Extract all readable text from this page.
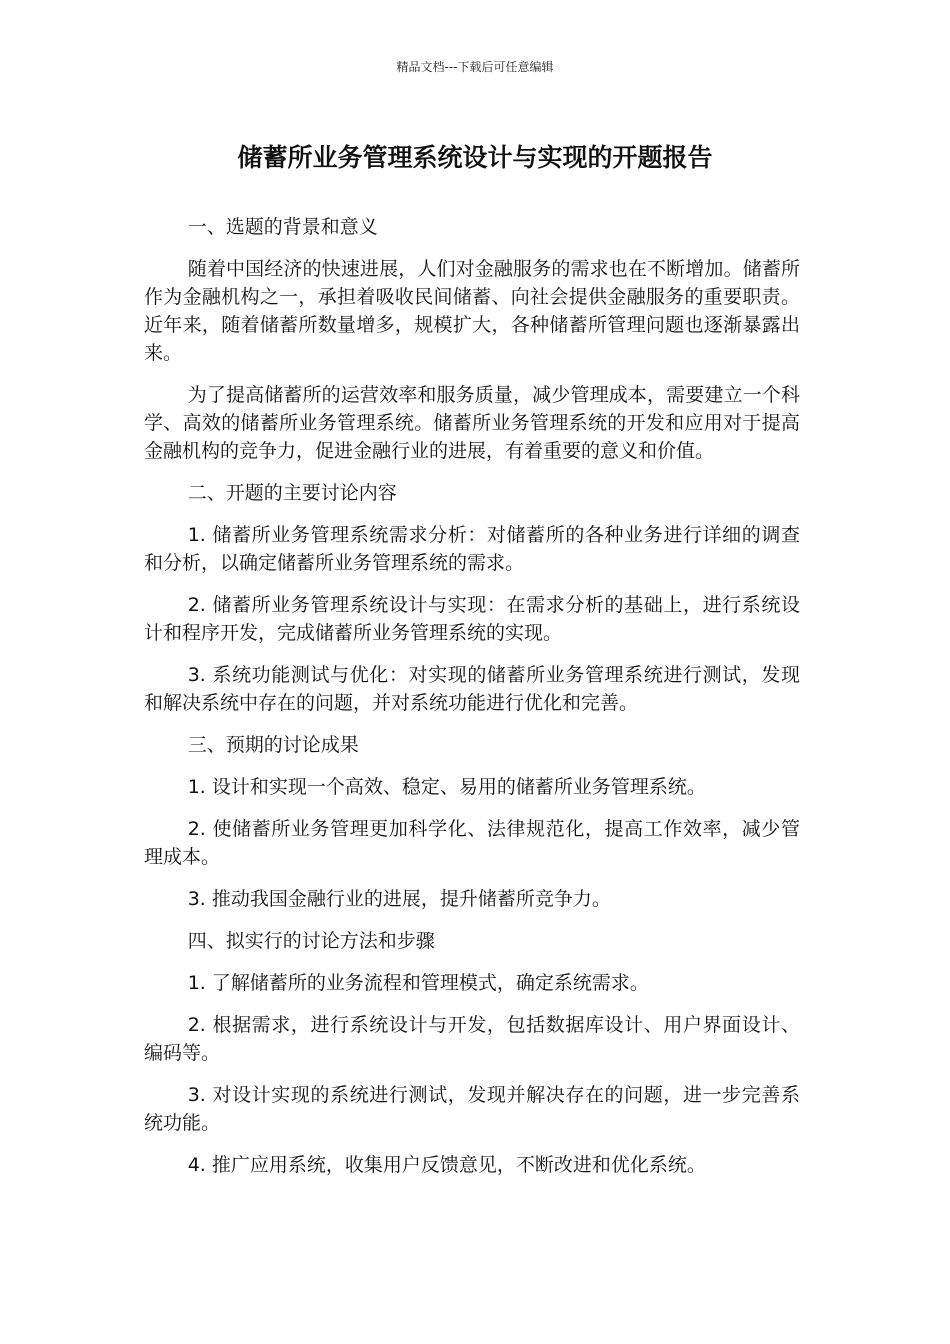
精品文档---下载后可任意编辑
储蓄所业务管理系统设计与实现的开题报告

一、选题的背景和意义

随着中国经济的快速进展，人们对金融服务的需求也在不断增加。储蓄所作为金融机构之一，承担着吸收民间储蓄、向社会提供金融服务的重要职责。近年来，随着储蓄所数量增多，规模扩大，各种储蓄所管理问题也逐渐暴露出来。

为了提高储蓄所的运营效率和服务质量，减少管理成本，需要建立一个科学、高效的储蓄所业务管理系统。储蓄所业务管理系统的开发和应用对于提高金融机构的竞争力，促进金融行业的进展，有着重要的意义和价值。

二、开题的主要讨论内容

1. 储蓄所业务管理系统需求分析：对储蓄所的各种业务进行详细的调查和分析，以确定储蓄所业务管理系统的需求。

2. 储蓄所业务管理系统设计与实现：在需求分析的基础上，进行系统设计和程序开发，完成储蓄所业务管理系统的实现。

3. 系统功能测试与优化：对实现的储蓄所业务管理系统进行测试，发现和解决系统中存在的问题，并对系统功能进行优化和完善。

三、预期的讨论成果

1. 设计和实现一个高效、稳定、易用的储蓄所业务管理系统。

2. 使储蓄所业务管理更加科学化、法律规范化，提高工作效率，减少管理成本。

3. 推动我国金融行业的进展，提升储蓄所竞争力。

四、拟实行的讨论方法和步骤

1. 了解储蓄所的业务流程和管理模式，确定系统需求。

2. 根据需求，进行系统设计与开发，包括数据库设计、用户界面设计、编码等。

3. 对设计实现的系统进行测试，发现并解决存在的问题，进一步完善系统功能。

4. 推广应用系统，收集用户反馈意见，不断改进和优化系统。
